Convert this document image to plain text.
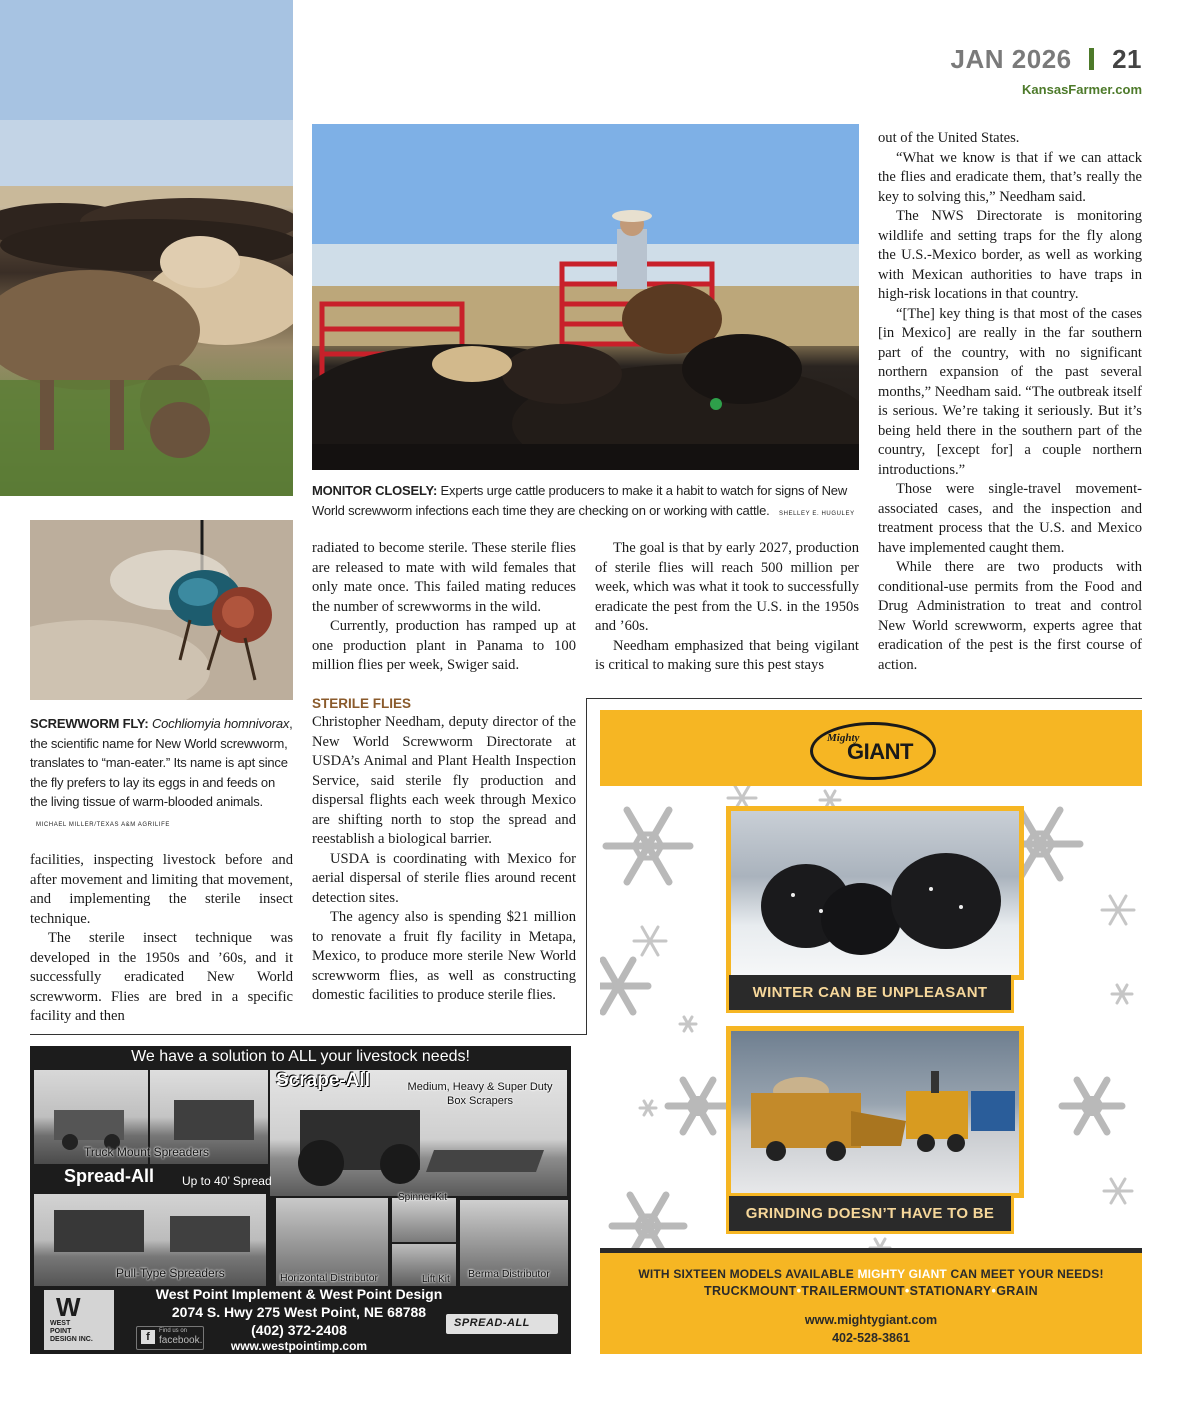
JAN 2026 21
KansasFarmer.com
SCREWWORM FLY: Cochliomyia homnivorax, the scientific name for New World screwworm, translates to “man-eater.” Its name is apt since the fly prefers to lay its eggs in and feeds on the living tissue of warm-blooded animals. MICHAEL MILLER/TEXAS A&M AGRILIFE
MONITOR CLOSELY: Experts urge cattle producers to make it a habit to watch for signs of New World screwworm infections each time they are checking on or working with cattle. SHELLEY E. HUGULEY

facilities, inspecting livestock before and after movement and limiting that movement, and implementing the sterile insect technique.

The sterile insect technique was developed in the 1950s and ’60s, and it successfully eradicated New World screwworm. Flies are bred in a specific facility and then

radiated to become sterile. These sterile flies are released to mate with wild females that only mate once. This failed mating reduces the number of screwworms in the wild.

Currently, production has ramped up at one production plant in Panama to 100 million flies per week, Swiger said.

STERILE FLIES

Christopher Needham, deputy director of the New World Screwworm Directorate at USDA’s Animal and Plant Health Inspection Service, said sterile fly production and dispersal flights each week through Mexico are shifting north to stop the spread and reestablish a biological barrier.

USDA is coordinating with Mexico for aerial dispersal of sterile flies around recent detection sites.

The agency also is spending $21 million to renovate a fruit fly facility in Metapa, Mexico, to produce more sterile New World screwworm flies, as well as constructing domestic facilities to produce sterile flies.

The goal is that by early 2027, production of sterile flies will reach 500 million per week, which was what it took to successfully eradicate the pest from the U.S. in the 1950s and ’60s.

Needham emphasized that being vigilant is critical to making sure this pest stays

out of the United States.

“What we know is that if we can attack the flies and eradicate them, that’s really the key to solving this,” Needham said.

The NWS Directorate is monitoring wildlife and setting traps for the fly along the U.S.-Mexico border, as well as working with Mexican authorities to have traps in high-risk locations in that country.

“[The] key thing is that most of the cases [in Mexico] are really in the far southern part of the country, with no significant northern expansion of the past several months,” Needham said. “The outbreak itself is serious. We’re taking it seriously. But it’s being held there in the southern part of the country, [except for] a couple northern introductions.”

Those were single-travel movement-associated cases, and the inspection and treatment process that the U.S. and Mexico have implemented caught them.

While there are two products with conditional-use permits from the Food and Drug Administration to treat and control New World screwworm, experts agree that eradication of the pest is the first course of action.

We have a solution to ALL your livestock needs!
Truck Mount Spreaders
Scrape-All	Medium, Heavy & Super Duty Box Scrapers
Spread-All Up to 40’ Spread
Pull-Type Spreaders
Spinner Kit
Horizontal Distributor	Lift Kit Berma Distributor
W
WEST
POINT
DESIGN INC.	f	Find us on
facebook.
West Point Implement & West Point Design
2074 S. Hwy 275 West Point, NE 68788
(402) 372-2408
www.westpointimp.com
SPREAD-ALL
Mighty
GIANT
WINTER CAN BE UNPLEASANT
GRINDING DOESN’T HAVE TO BE
WITH SIXTEEN MODELS AVAILABLE MIGHTY GIANT CAN MEET YOUR NEEDS!
TRUCKMOUNT•TRAILERMOUNT•STATIONARY•GRAIN
www.mightygiant.com
402-528-3861
